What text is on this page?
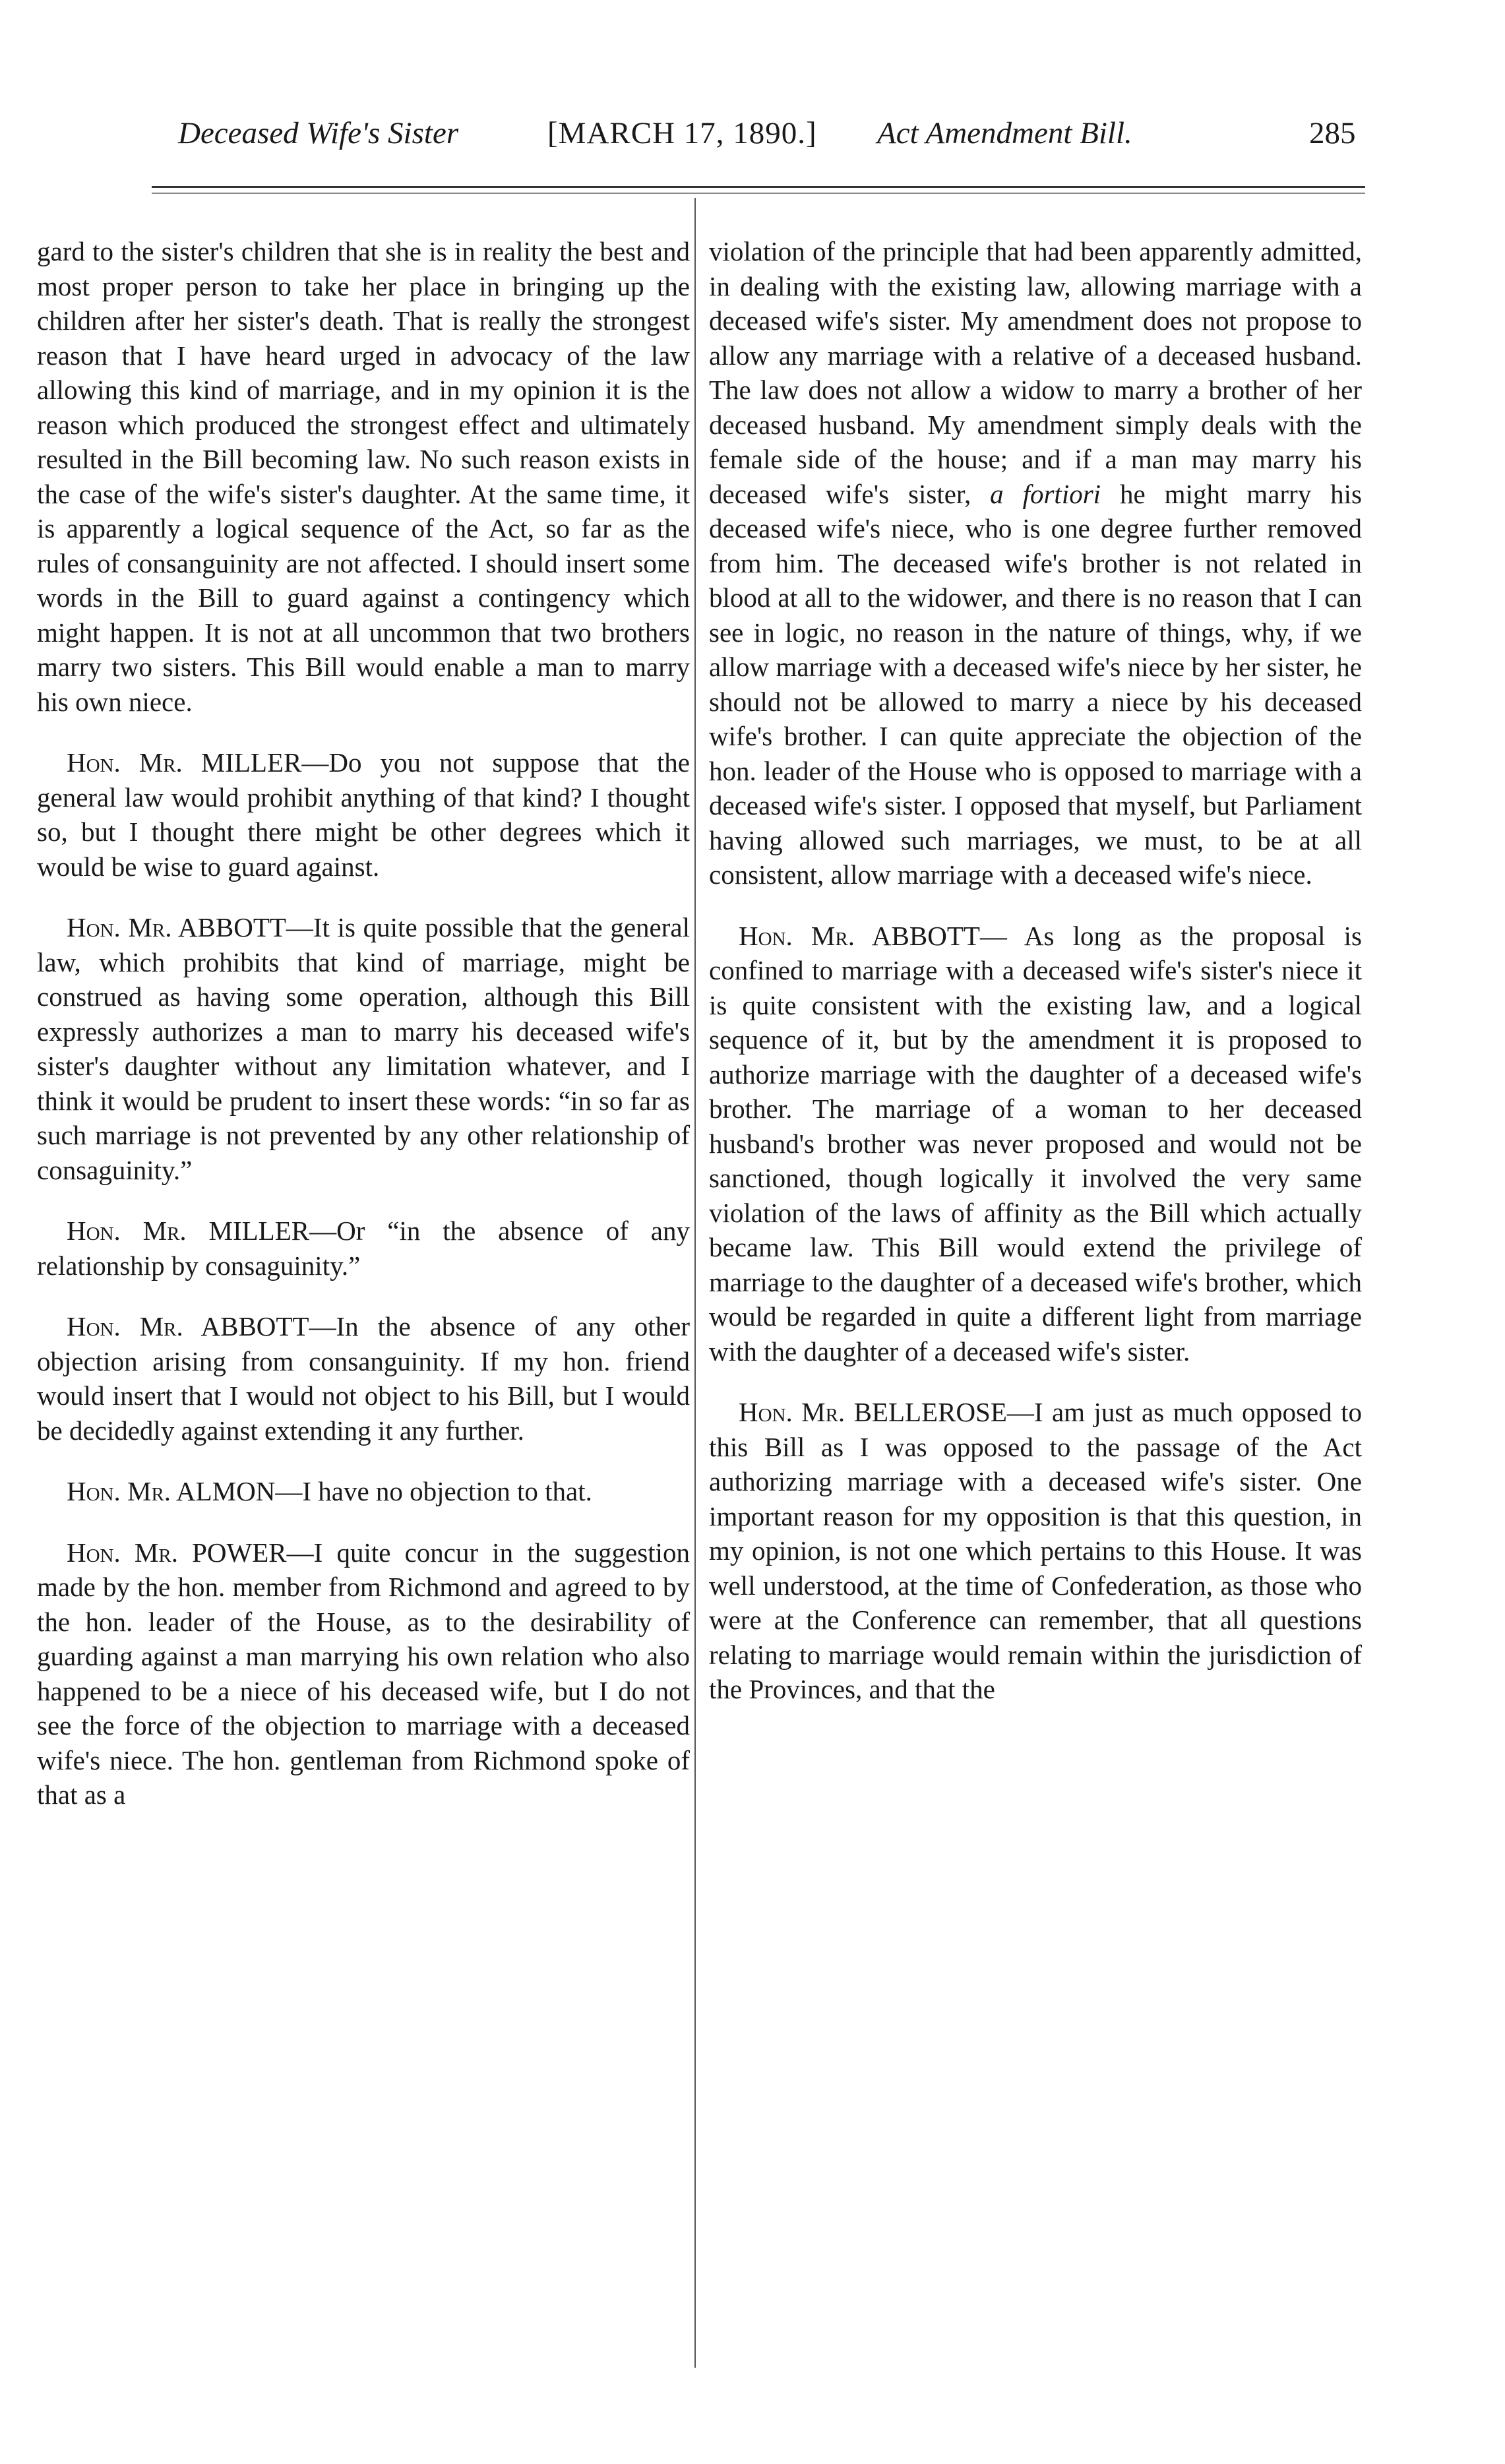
Deceased Wife's Sister	[MARCH 17, 1890.] Act Amendment Bill.	285

gard to the sister's children that she is in reality the best and most proper person to take her place in bringing up the children after her sister's death. That is really the strongest reason that I have heard urged in advocacy of the law allowing this kind of marriage, and in my opinion it is the reason which produced the strongest effect and ultimately resulted in the Bill becoming law. No such reason exists in the case of the wife's sister's daughter. At the same time, it is apparently a logical sequence of the Act, so far as the rules of consanguinity are not affected. I should insert some words in the Bill to guard against a contingency which might happen. It is not at all uncommon that two brothers marry two sisters. This Bill would enable a man to marry his own niece.

Hon. Mr. MILLER—Do you not suppose that the general law would prohibit anything of that kind? I thought so, but I thought there might be other degrees which it would be wise to guard against.

Hon. Mr. ABBOTT—It is quite possible that the general law, which prohibits that kind of marriage, might be construed as having some operation, although this Bill expressly authorizes a man to marry his deceased wife's sister's daughter without any limitation whatever, and I think it would be prudent to insert these words: “in so far as such marriage is not prevented by any other relationship of consaguinity.”

Hon. Mr. MILLER—Or “in the absence of any relationship by consaguinity.”

Hon. Mr. ABBOTT—In the absence of any other objection arising from consanguinity. If my hon. friend would insert that I would not object to his Bill, but I would be decidedly against extending it any further.

Hon. Mr. ALMON—I have no objection to that.

Hon. Mr. POWER—I quite concur in the suggestion made by the hon. member from Richmond and agreed to by the hon. leader of the House, as to the desirability of guarding against a man marrying his own relation who also happened to be a niece of his deceased wife, but I do not see the force of the objection to marriage with a deceased wife's niece. The hon. gentleman from Richmond spoke of that as a

violation of the principle that had been apparently admitted, in dealing with the existing law, allowing marriage with a deceased wife's sister. My amendment does not propose to allow any marriage with a relative of a deceased husband. The law does not allow a widow to marry a brother of her deceased husband. My amendment simply deals with the female side of the house; and if a man may marry his deceased wife's sister, a fortiori he might marry his deceased wife's niece, who is one degree further removed from him. The deceased wife's brother is not related in blood at all to the widower, and there is no reason that I can see in logic, no reason in the nature of things, why, if we allow marriage with a deceased wife's niece by her sister, he should not be allowed to marry a niece by his deceased wife's brother. I can quite appreciate the objection of the hon. leader of the House who is opposed to marriage with a deceased wife's sister. I opposed that myself, but Parliament having allowed such marriages, we must, to be at all consistent, allow marriage with a deceased wife's niece.

Hon. Mr. ABBOTT— As long as the proposal is confined to marriage with a deceased wife's sister's niece it is quite consistent with the existing law, and a logical sequence of it, but by the amendment it is proposed to authorize marriage with the daughter of a deceased wife's brother. The marriage of a woman to her deceased husband's brother was never proposed and would not be sanctioned, though logically it involved the very same violation of the laws of affinity as the Bill which actually became law. This Bill would extend the privilege of marriage to the daughter of a deceased wife's brother, which would be regarded in quite a different light from marriage with the daughter of a deceased wife's sister.

Hon. Mr. BELLEROSE—I am just as much opposed to this Bill as I was opposed to the passage of the Act authorizing marriage with a deceased wife's sister. One important reason for my opposition is that this question, in my opinion, is not one which pertains to this House. It was well understood, at the time of Confederation, as those who were at the Conference can remember, that all questions relating to marriage would remain within the jurisdiction of the Provinces, and that the
